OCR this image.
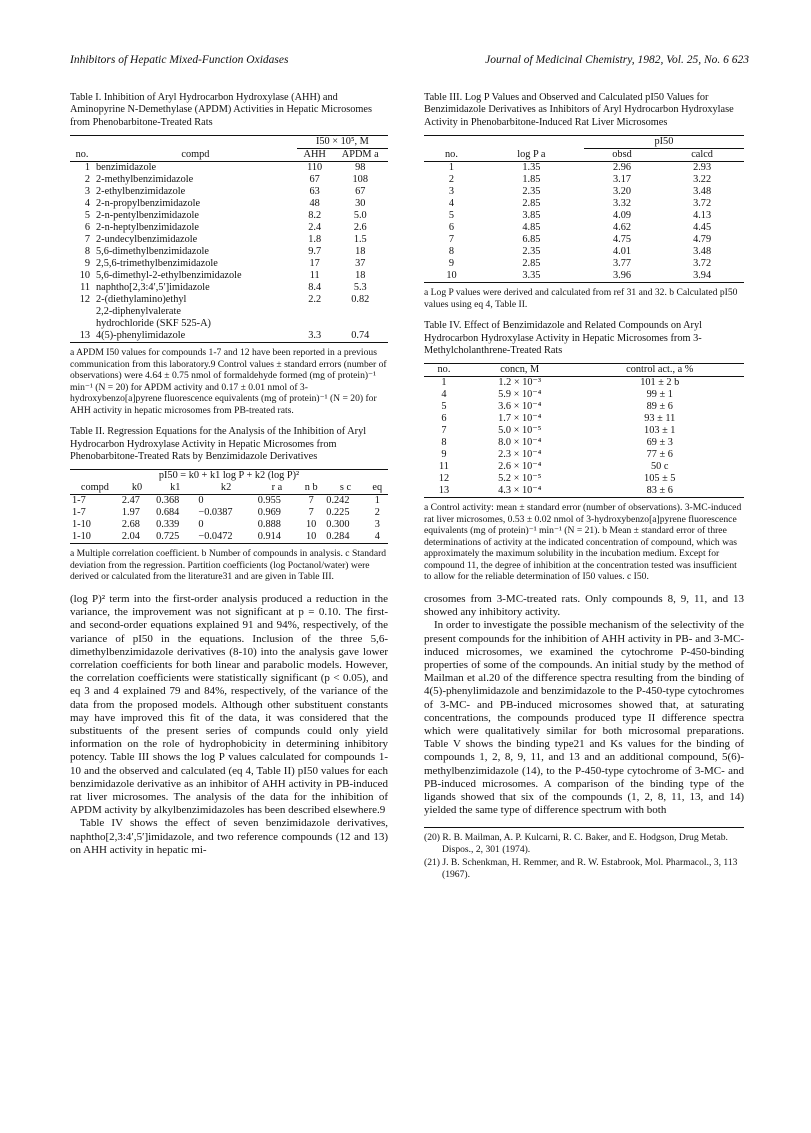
Inhibitors of Hepatic Mixed-Function Oxidases	Journal of Medicinal Chemistry, 1982, Vol. 25, No. 6 623
Table I. Inhibition of Aryl Hydrocarbon Hydroxylase (AHH) and Aminopyrine N-Demethylase (APDM) Activities in Hepatic Microsomes from Phenobarbitone-Treated Rats
		I50 × 10⁵, M	
no.	compd	AHH	APDM a
1	benzimidazole	110	98
2	2-methylbenzimidazole	67	108
3	2-ethylbenzimidazole	63	67
4	2-n-propylbenzimidazole	48	30
5	2-n-pentylbenzimidazole	8.2	5.0
6	2-n-heptylbenzimidazole	2.4	2.6
7	2-undecylbenzimidazole	1.8	1.5
8	5,6-dimethylbenzimidazole	9.7	18
9	2,5,6-trimethylbenzimidazole	17	37
10	5,6-dimethyl-2-ethylbenzimidazole	11	18
11	naphtho[2,3:4′,5′]imidazole	8.4	5.3
12	2-(diethylamino)ethyl	2.2	0.82
	2,2-diphenylvalerate		
	hydrochloride (SKF 525-A)		
13	4(5)-phenylimidazole	3.3	0.74
a APDM I50 values for compounds 1-7 and 12 have been reported in a previous communication from this laboratory.9 Control values ± standard errors (number of observations) were 4.64 ± 0.75 nmol of formaldehyde formed (mg of protein)⁻¹ min⁻¹ (N = 20) for APDM activity and 0.17 ± 0.01 nmol of 3-hydroxybenzo[a]pyrene fluorescence equivalents (mg of protein)⁻¹ (N = 20) for AHH activity in hepatic microsomes from PB-treated rats.
Table II. Regression Equations for the Analysis of the Inhibition of Aryl Hydrocarbon Hydroxylase Activity in Hepatic Microsomes from Phenobarbitone-Treated Rats by Benzimidazole Derivatives
pI50 = k0 + k1 log P + k2 (log P)²							
compd	k0	k1	k2	r a	n b	s c	eq
1-7	2.47	0.368	0	0.955	7	0.242	1
1-7	1.97	0.684	−0.0387	0.969	7	0.225	2
1-10	2.68	0.339	0	0.888	10	0.300	3
1-10	2.04	0.725	−0.0472	0.914	10	0.284	4
a Multiple correlation coefficient. b Number of compounds in analysis. c Standard deviation from the regression. Partition coefficients (log Poctanol/water) were derived or calculated from the literature31 and are given in Table III.

(log P)² term into the first-order analysis produced a reduction in the variance, the improvement was not significant at p = 0.10. The first- and second-order equations explained 91 and 94%, respectively, of the variance of pI50 in the equations. Inclusion of the three 5,6-dimethylbenzimidazole derivatives (8-10) into the analysis gave lower correlation coefficients for both linear and parabolic models. However, the correlation coefficients were statistically significant (p < 0.05), and eq 3 and 4 explained 79 and 84%, respectively, of the variance of the data from the proposed models. Although other substituent constants may have improved this fit of the data, it was considered that the substituents of the present series of compunds could only yield information on the role of hydrophobicity in determining inhibitory potency. Table III shows the log P values calculated for compounds 1-10 and the observed and calculated (eq 4, Table II) pI50 values for each benzimidazole derivative as an inhibitor of AHH activity in PB-induced rat liver microsomes. The analysis of the data for the inhibition of APDM activity by alkylbenzimidazoles has been described elsewhere.9

Table IV shows the effect of seven benzimidazole derivatives, naphtho[2,3:4′,5′]imidazole, and two reference compounds (12 and 13) on AHH activity in hepatic mi-

Table III. Log P Values and Observed and Calculated pI50 Values for Benzimidazole Derivatives as Inhibitors of Aryl Hydrocarbon Hydroxylase Activity in Phenobarbitone-Induced Rat Liver Microsomes
		pI50	
no.	log P a	obsd	calcd
1	1.35	2.96	2.93
2	1.85	3.17	3.22
3	2.35	3.20	3.48
4	2.85	3.32	3.72
5	3.85	4.09	4.13
6	4.85	4.62	4.45
7	6.85	4.75	4.79
8	2.35	4.01	3.48
9	2.85	3.77	3.72
10	3.35	3.96	3.94
a Log P values were derived and calculated from ref 31 and 32. b Calculated pI50 values using eq 4, Table II.
Table IV. Effect of Benzimidazole and Related Compounds on Aryl Hydrocarbon Hydroxylase Activity in Hepatic Microsomes from 3-Methylcholanthrene-Treated Rats
no.	concn, M	control act., a %
1	1.2 × 10⁻³	101 ± 2 b
4	5.9 × 10⁻⁴	99 ± 1
5	3.6 × 10⁻⁴	89 ± 6
6	1.7 × 10⁻⁴	93 ± 11
7	5.0 × 10⁻⁵	103 ± 1
8	8.0 × 10⁻⁴	69 ± 3
9	2.3 × 10⁻⁴	77 ± 6
11	2.6 × 10⁻⁴	50 c
12	5.2 × 10⁻⁵	105 ± 5
13	4.3 × 10⁻⁴	83 ± 6
a Control activity: mean ± standard error (number of observations). 3-MC-induced rat liver microsomes, 0.53 ± 0.02 nmol of 3-hydroxybenzo[a]pyrene fluorescence equivalents (mg of protein)⁻¹ min⁻¹ (N = 21). b Mean ± standard error of three determinations of activity at the indicated concentration of compound, which was approximately the maximum solubility in the incubation medium. Except for compound 11, the degree of inhibition at the concentration tested was insufficient to allow for the reliable determination of I50 values. c I50.

crosomes from 3-MC-treated rats. Only compounds 8, 9, 11, and 13 showed any inhibitory activity.

In order to investigate the possible mechanism of the selectivity of the present compounds for the inhibition of AHH activity in PB- and 3-MC-induced microsomes, we examined the cytochrome P-450-binding properties of some of the compounds. An initial study by the method of Mailman et al.20 of the difference spectra resulting from the binding of 4(5)-phenylimidazole and benzimidazole to the P-450-type cytochromes of 3-MC- and PB-induced microsomes showed that, at saturating concentrations, the compounds produced type II difference spectra which were qualitatively similar for both microsomal preparations. Table V shows the binding type21 and Ks values for the binding of compounds 1, 2, 8, 9, 11, and 13 and an additional compound, 5(6)-methylbenzimidazole (14), to the P-450-type cytochrome of 3-MC- and PB-induced microsomes. A comparison of the binding type of the ligands showed that six of the compounds (1, 2, 8, 11, 13, and 14) yielded the same type of difference spectrum with both

(20) R. B. Mailman, A. P. Kulcarni, R. C. Baker, and E. Hodgson, Drug Metab. Dispos., 2, 301 (1974).
(21) J. B. Schenkman, H. Remmer, and R. W. Estabrook, Mol. Pharmacol., 3, 113 (1967).
